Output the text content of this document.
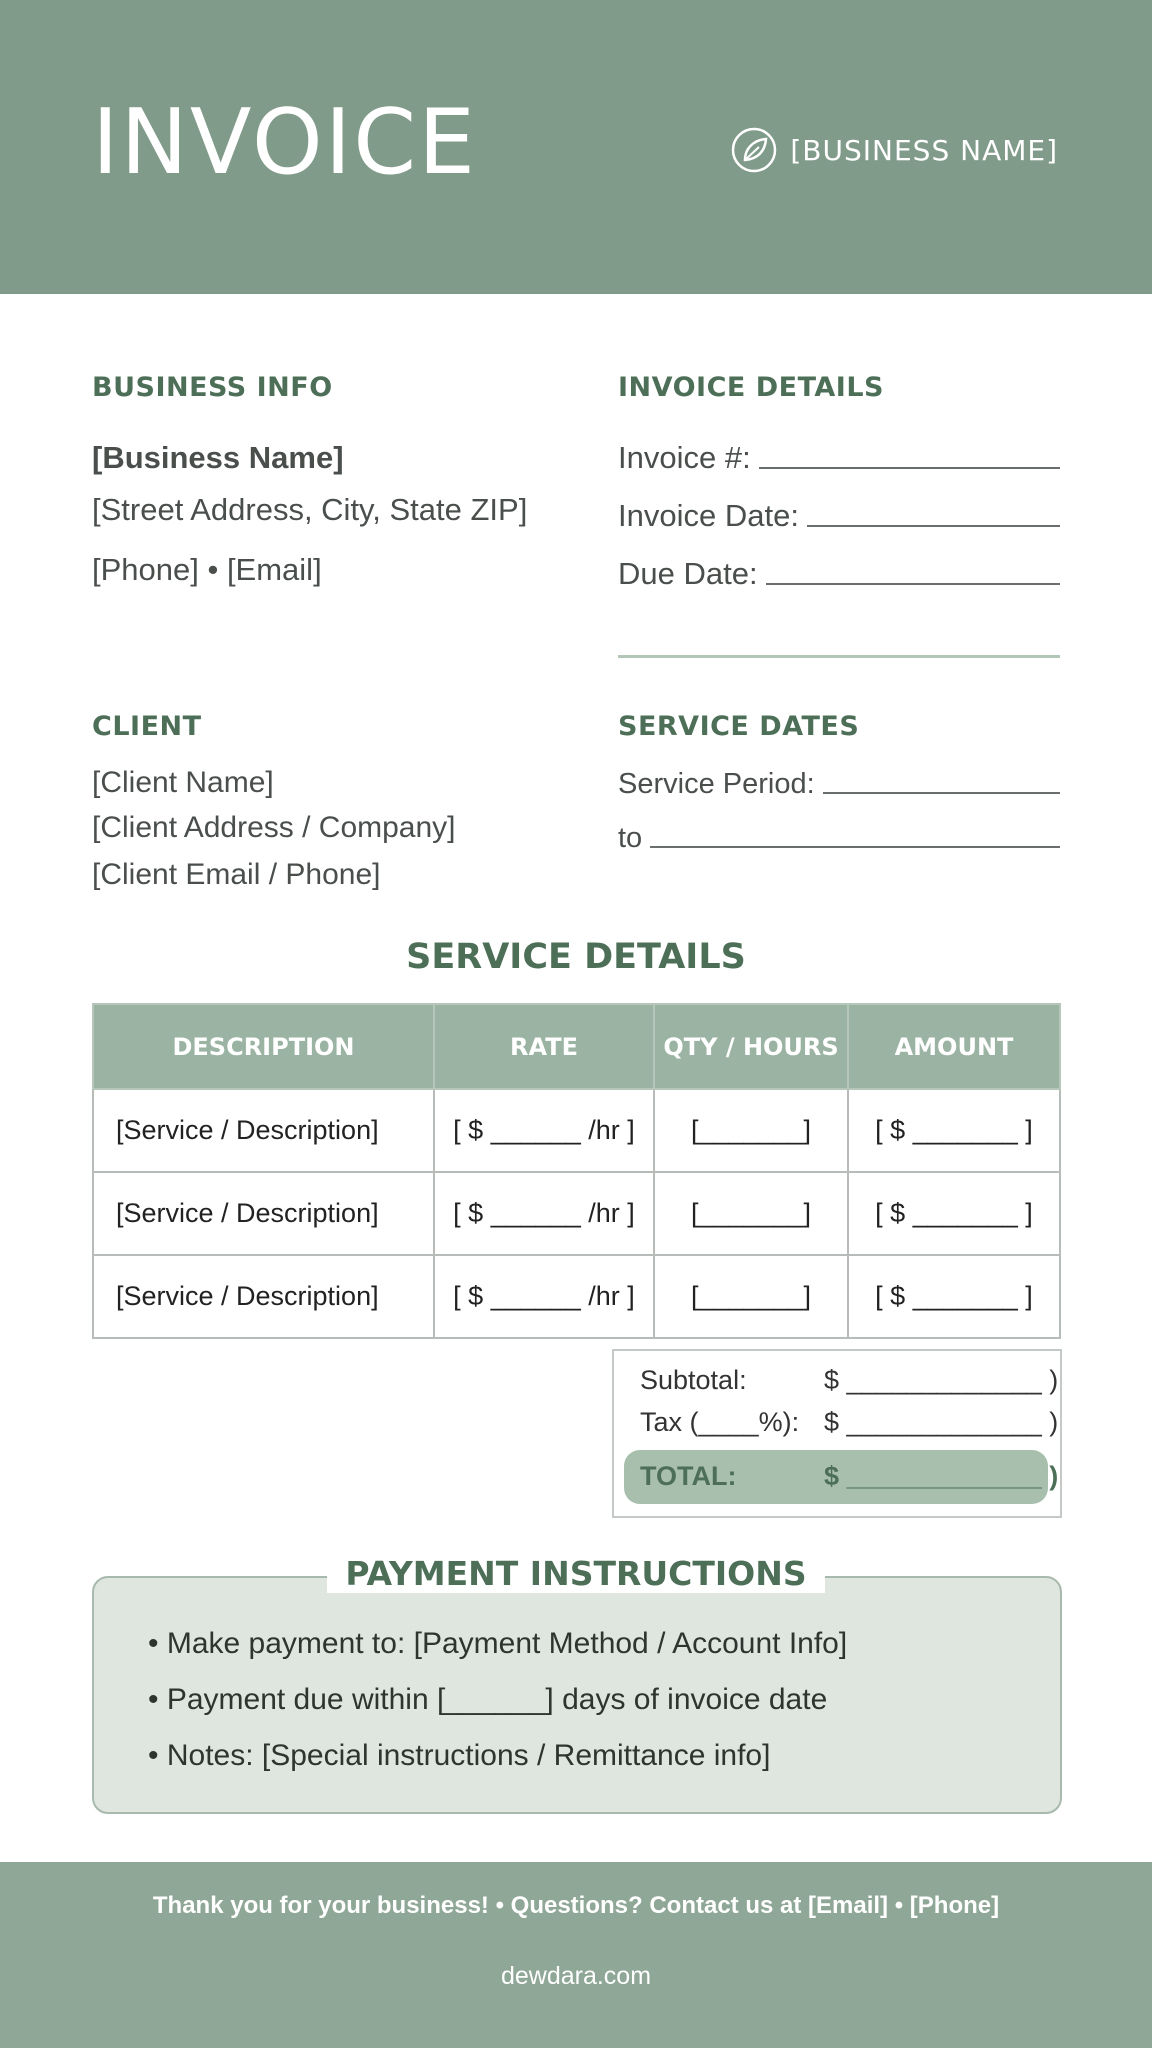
INVOICE	[BUSINESS NAME]
BUSINESS INFO
[Business Name]
[Street Address, City, State ZIP]
[Phone] • [Email]
INVOICE DETAILS
Invoice #:
Invoice Date:
Due Date:
CLIENT
[Client Name]
[Client Address / Company]
[Client Email / Phone]
SERVICE DATES
Service Period:
to
SERVICE DETAILS
DESCRIPTION	RATE	QTY / HOURS	AMOUNT
[Service / Description]	[ $ ______ /hr ]	[_______]	[ $ _______ ]
[Service / Description]	[ $ ______ /hr ]	[_______]	[ $ _______ ]
[Service / Description]	[ $ ______ /hr ]	[_______]	[ $ _______ ]
Subtotal:	$ _____________ )
Tax (____%): $ _____________ )
TOTAL:	$ _____________ )
PAYMENT INSTRUCTIONS
• Make payment to: [Payment Method / Account Info]
• Payment due within [______] days of invoice date
• Notes: [Special instructions / Remittance info]
Thank you for your business! • Questions? Contact us at [Email] • [Phone]
dewdara.com
